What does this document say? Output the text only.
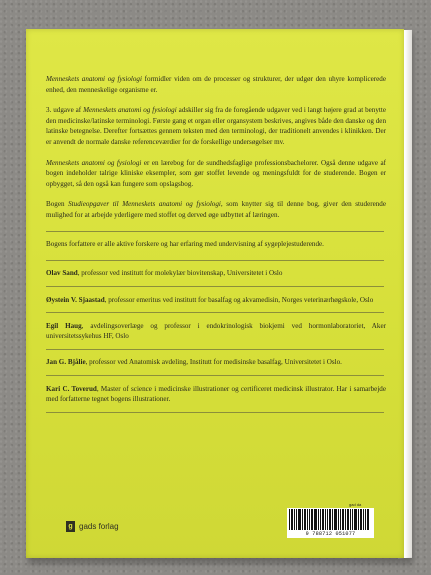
Menneskets anatomi og fysiologi formidler viden om de processer og strukturer, der udgør den uhyre komplicerede enhed, den menneskelige organisme er.

3. udgave af Menneskets anatomi og fysiologi adskiller sig fra de foregående udgaver ved i langt højere grad at benytte den medicinske/latinske terminologi. Første gang et organ eller organsystem beskrives, angives både den danske og den latinske betegnelse. Derefter fortsættes gennem teksten med den terminologi, der traditionelt anvendes i klinikken. Der er anvendt de normale danske referenceværdier for de forskellige undersøgelser mv.

Menneskets anatomi og fysiologi er en lærebog for de sundhedsfaglige professionsbachelorer. Også denne udgave af bogen indeholder talrige kliniske eksempler, som gør stoffet levende og meningsfuldt for de studerende. Bogen er opbygget, så den også kan fungere som opslagsbog.

Bogen Studieopgaver til Menneskets anatomi og fysiologi, som knytter sig til denne bog, giver den studerende mulighed for at arbejde yderligere med stoffet og derved øge udbyttet af læringen.

Bogens forfattere er alle aktive forskere og har erfaring med undervisning af sygeplejestuderende.

Olav Sand, professor ved institutt for molekylær biovitenskap, Universitetet i Oslo

Øystein V. Sjaastad, professor emeritus ved institutt for basalfag og akvamedisin, Norges veterinærhøgskole, Oslo

Egil Haug, avdelingsoverlæge og professor i endokrinologisk biokjemi ved hormonlaboratoriet, Aker universitetssykehus HF, Oslo

Jan G. Bjålie, professor ved Anatomisk avdeling, Institutt for medisinske basalfag, Universitetet i Oslo.

Kari C. Toverud, Master of science i medicinske illustrationer og certificeret medicinsk illustrator. Har i samarbejde med forfatterne tegnet bogens illustrationer.

g gads forlag
gad da
9 788712 051077
